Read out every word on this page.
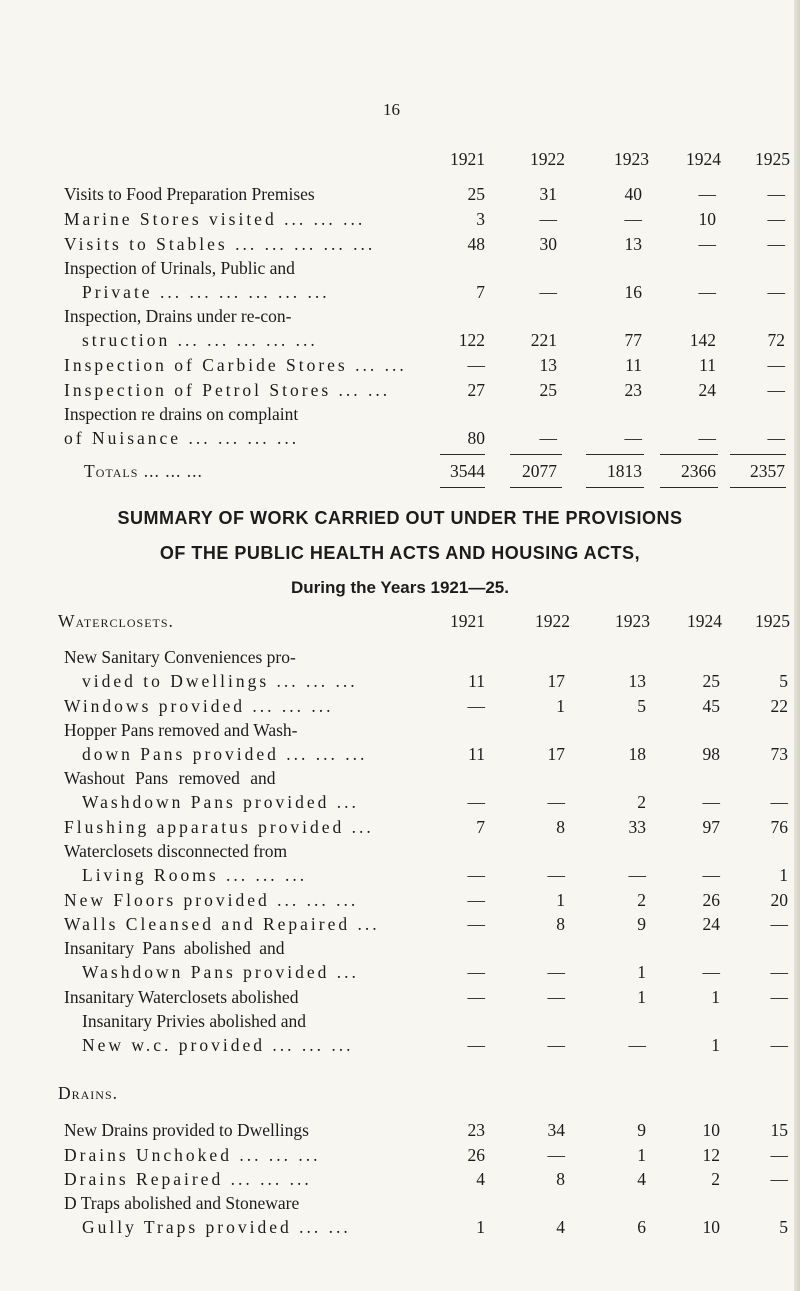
16
1921	1922	1923	1924	1925
Visits to Food Preparation Premises	25	31	40	—	—
Marine Stores visited ... ... ...	3	—	—	10	—
Visits to Stables ... ... ... ... ...	48	30	13	—	—
Inspection of Urinals, Public and
Private ... ... ... ... ... ...	7	—	16	—	—
Inspection, Drains under re-con-
struction ... ... ... ... ...	122	221	77	142	72
Inspection of Carbide Stores ... ...	—	13	11	11	—
Inspection of Petrol Stores ... ...	27	25	23	24	—
Inspection re drains on complaint
of Nuisance ... ... ... ...	80	—	—	—	—
Totals ... ... ...	3544	2077	1813	2366	2357
SUMMARY OF WORK CARRIED OUT UNDER THE PROVISIONS
OF THE PUBLIC HEALTH ACTS AND HOUSING ACTS,
During the Years 1921—25.
Waterclosets.	1921	1922	1923	1924	1925
New Sanitary Conveniences pro-
vided to Dwellings ... ... ...	11	17	13	25	5
Windows provided ... ... ...	—	1	5	45	22
Hopper Pans removed and Wash-
down Pans provided ... ... ...	11	17	18	98	73
Washout Pans removed and
Washdown Pans provided ...	—	—	2	—	—
Flushing apparatus provided ...	7	8	33	97	76
Waterclosets disconnected from
Living Rooms ... ... ...	—	—	—	—	1
New Floors provided ... ... ...	—	1	2	26	20
Walls Cleansed and Repaired ...	—	8	9	24	—
Insanitary Pans abolished and
Washdown Pans provided ...	—	—	1	—	—
Insanitary Waterclosets abolished	—	—	1	1	—
Insanitary Privies abolished and
New w.c. provided ... ... ...	—	—	—	1	—
Drains.
New Drains provided to Dwellings	23	34	9	10	15
Drains Unchoked ... ... ...	26	—	1	12	—
Drains Repaired ... ... ...	4	8	4	2	—
D Traps abolished and Stoneware
Gully Traps provided ... ...	1	4	6	10	5
